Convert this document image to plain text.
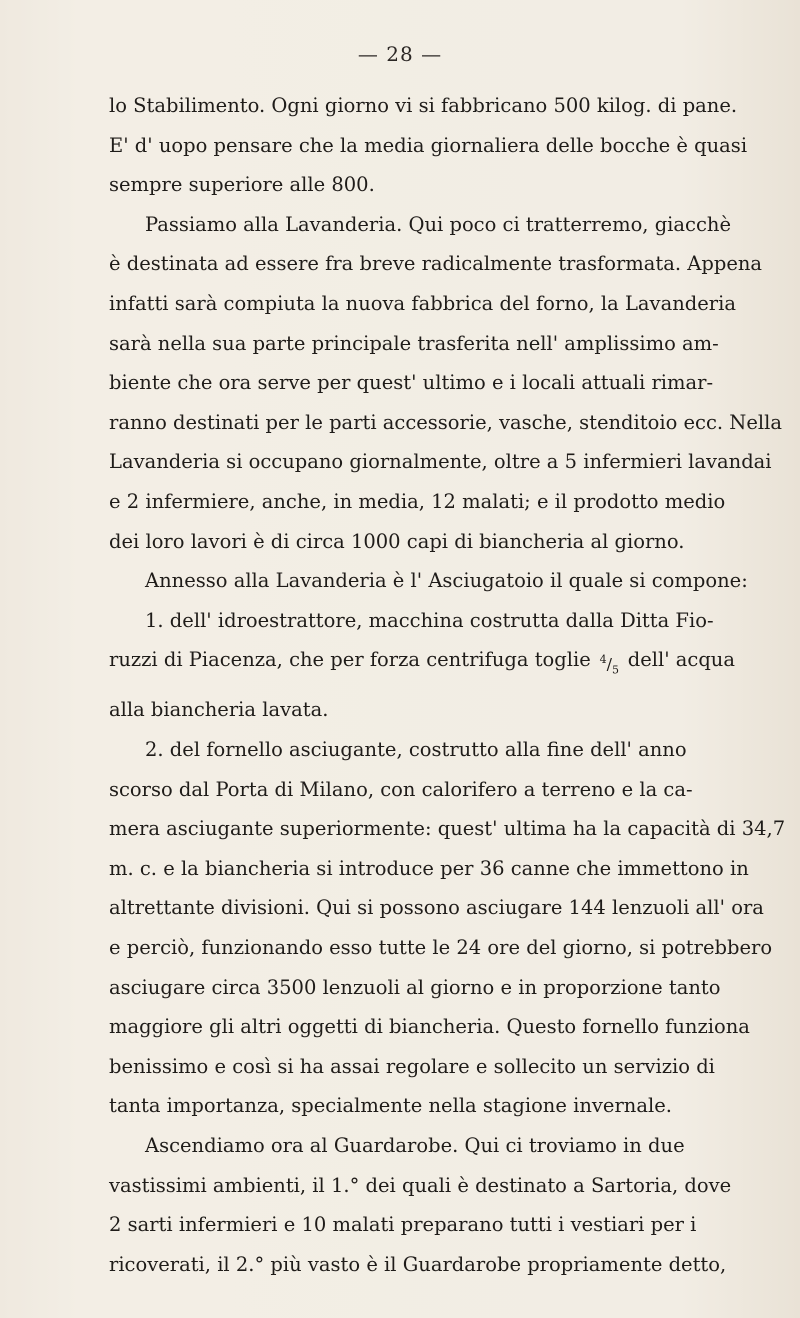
— 28 —
lo Stabilimento. Ogni giorno vi si fabbricano 500 kilog. di pane.
E' d' uopo pensare che la media giornaliera delle bocche è quasi
sempre superiore alle 800.
Passiamo alla Lavanderia. Qui poco ci tratterremo, giacchè
è destinata ad essere fra breve radicalmente trasformata. Appena
infatti sarà compiuta la nuova fabbrica del forno, la Lavanderia
sarà nella sua parte principale trasferita nell' amplissimo am-
biente che ora serve per quest' ultimo e i locali attuali rimar-
ranno destinati per le parti accessorie, vasche, stenditoio ecc. Nella
Lavanderia si occupano giornalmente, oltre a 5 infermieri lavandai
e 2 infermiere, anche, in media, 12 malati; e il prodotto medio
dei loro lavori è di circa 1000 capi di biancheria al giorno.
Annesso alla Lavanderia è l' Asciugatoio il quale si compone:
1. dell' idroestrattore, macchina costrutta dalla Ditta Fio-
ruzzi di Piacenza, che per forza centrifuga toglie $^4/_5$ dell' acqua
alla biancheria lavata.
2. del fornello asciugante, costrutto alla fine dell' anno
scorso dal Porta di Milano, con calorifero a terreno e la ca-
mera asciugante superiormente: quest' ultima ha la capacità di 34,7
m. c. e la biancheria si introduce per 36 canne che immettono in
altrettante divisioni. Qui si possono asciugare 144 lenzuoli all' ora
e perciò, funzionando esso tutte le 24 ore del giorno, si potrebbero
asciugare circa 3500 lenzuoli al giorno e in proporzione tanto
maggiore gli altri oggetti di biancheria. Questo fornello funziona
benissimo e così si ha assai regolare e sollecito un servizio di
tanta importanza, specialmente nella stagione invernale.
Ascendiamo ora al Guardarobe. Qui ci troviamo in due
vastissimi ambienti, il 1.° dei quali è destinato a Sartoria, dove
2 sarti infermieri e 10 malati preparano tutti i vestiari per i
ricoverati, il 2.° più vasto è il Guardarobe propriamente detto,
